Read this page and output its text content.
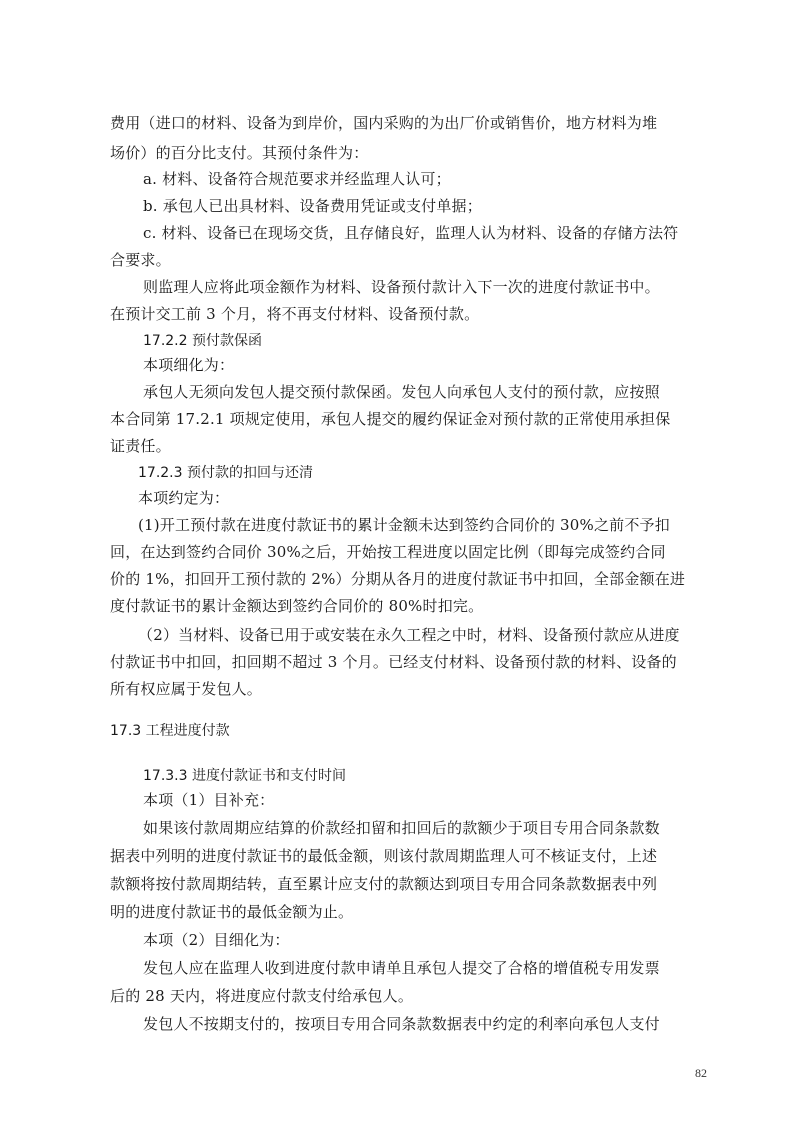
费用（进口的材料、设备为到岸价，国内采购的为出厂价或销售价，地方材料为堆

场价）的百分比支付。其预付条件为：

a. 材料、设备符合规范要求并经监理人认可；

b. 承包人已出具材料、设备费用凭证或支付单据；

c. 材料、设备已在现场交货，且存储良好，监理人认为材料、设备的存储方法符

合要求。

则监理人应将此项金额作为材料、设备预付款计入下一次的进度付款证书中。

在预计交工前 3 个月，将不再支付材料、设备预付款。

17.2.2 预付款保函

本项细化为：

承包人无须向发包人提交预付款保函。发包人向承包人支付的预付款，应按照

本合同第 17.2.1 项规定使用，承包人提交的履约保证金对预付款的正常使用承担保

证责任。

17.2.3 预付款的扣回与还清

本项约定为：

(1)开工预付款在进度付款证书的累计金额未达到签约合同价的 30%之前不予扣

回，在达到签约合同价 30%之后，开始按工程进度以固定比例（即每完成签约合同

价的 1%，扣回开工预付款的 2%）分期从各月的进度付款证书中扣回，全部金额在进

度付款证书的累计金额达到签约合同价的 80%时扣完。

（2）当材料、设备已用于或安装在永久工程之中时，材料、设备预付款应从进度

付款证书中扣回，扣回期不超过 3 个月。已经支付材料、设备预付款的材料、设备的

所有权应属于发包人。

17.3 工程进度付款

17.3.3 进度付款证书和支付时间

本项（1）目补充：

如果该付款周期应结算的价款经扣留和扣回后的款额少于项目专用合同条款数

据表中列明的进度付款证书的最低金额，则该付款周期监理人可不核证支付，上述

款额将按付款周期结转，直至累计应支付的款额达到项目专用合同条款数据表中列

明的进度付款证书的最低金额为止。

本项（2）目细化为：

发包人应在监理人收到进度付款申请单且承包人提交了合格的增值税专用发票

后的 28 天内，将进度应付款支付给承包人。

发包人不按期支付的，按项目专用合同条款数据表中约定的利率向承包人支付

82
